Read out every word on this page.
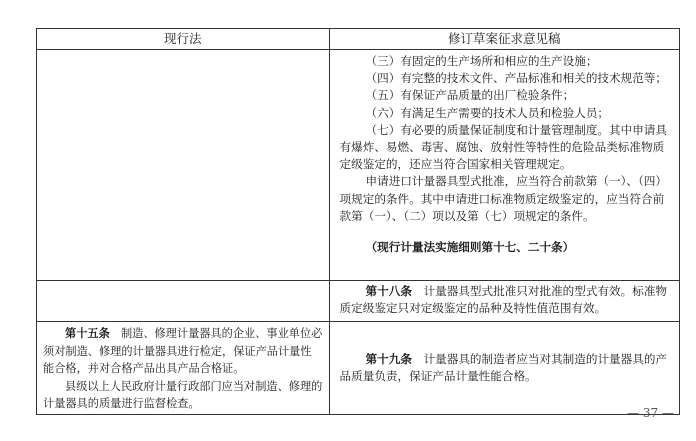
现行法	修订草案征求意见稿

（三）有固定的生产场所和相应的生产设施；

（四）有完整的技术文件、产品标准和相关的技术规范等；

（五）有保证产品质量的出厂检验条件；

（六）有满足生产需要的技术人员和检验人员；

（七）有必要的质量保证制度和计量管理制度。其中申请具有爆炸、易燃、毒害、腐蚀、放射性等特性的危险品类标准物质定级鉴定的，还应当符合国家相关管理规定。

申请进口计量器具型式批准，应当符合前款第（一）、（四）项规定的条件。其中申请进口标准物质定级鉴定的，应当符合前款第（一）、（二）项以及第（七）项规定的条件。

（现行计量法实施细则第十七、二十条）

第十八条　 计量器具型式批准只对批准的型式有效。标准物质定级鉴定只对定级鉴定的品种及特性值范围有效。

第十五条　 制造、修理计量器具的企业、事业单位必须对制造、修理的计量器具进行检定，保证产品计量性能合格，并对合格产品出具产品合格证。

县级以上人民政府计量行政部门应当对制造、修理的计量器具的质量进行监督检查。

第十九条　 计量器具的制造者应当对其制造的计量器具的产品质量负责，保证产品计量性能合格。

— 37 —
